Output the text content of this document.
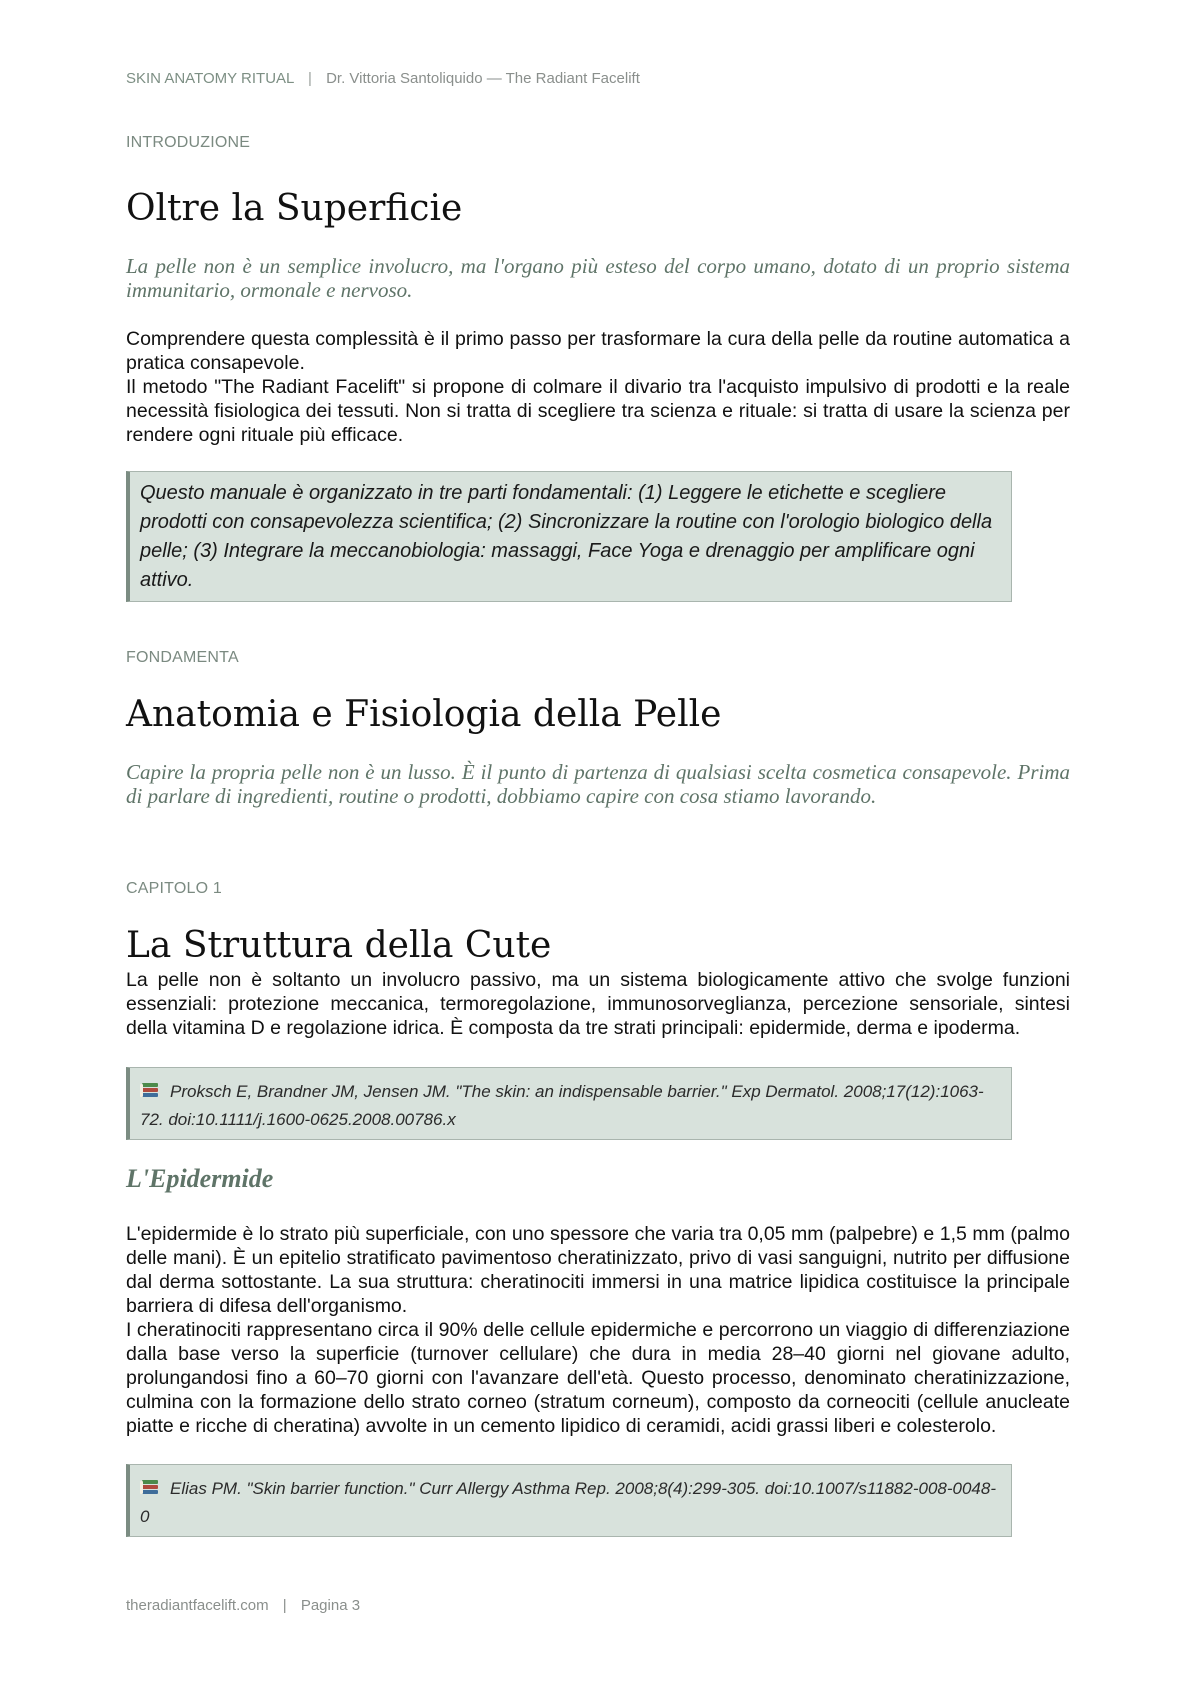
SKIN ANATOMY RITUAL | Dr. Vittoria Santoliquido — The Radiant Facelift
INTRODUZIONE
Oltre la Superficie

La pelle non è un semplice involucro, ma l'organo più esteso del corpo umano, dotato di un proprio sistema immunitario, ormonale e nervoso.

Comprendere questa complessità è il primo passo per trasformare la cura della pelle da routine automatica a pratica consapevole.

Il metodo "The Radiant Facelift" si propone di colmare il divario tra l'acquisto impulsivo di prodotti e la reale necessità fisiologica dei tessuti. Non si tratta di scegliere tra scienza e rituale: si tratta di usare la scienza per rendere ogni rituale più efficace.

Questo manuale è organizzato in tre parti fondamentali: (1) Leggere le etichette e scegliere prodotti con consapevolezza scientifica; (2) Sincronizzare la routine con l'orologio biologico della pelle; (3) Integrare la meccanobiologia: massaggi, Face Yoga e drenaggio per amplificare ogni attivo.
FONDAMENTA
Anatomia e Fisiologia della Pelle

Capire la propria pelle non è un lusso. È il punto di partenza di qualsiasi scelta cosmetica consapevole. Prima di parlare di ingredienti, routine o prodotti, dobbiamo capire con cosa stiamo lavorando.

CAPITOLO 1
La Struttura della Cute

La pelle non è soltanto un involucro passivo, ma un sistema biologicamente attivo che svolge funzioni essenziali: protezione meccanica, termoregolazione, immunosorveglianza, percezione sensoriale, sintesi della vitamina D e regolazione idrica. È composta da tre strati principali: epidermide, derma e ipoderma.

Proksch E, Brandner JM, Jensen JM. "The skin: an indispensable barrier." Exp Dermatol. 2008;17(12):1063-72. doi:10.1111/j.1600-0625.2008.00786.x
L'Epidermide

L'epidermide è lo strato più superficiale, con uno spessore che varia tra 0,05 mm (palpebre) e 1,5 mm (palmo delle mani). È un epitelio stratificato pavimentoso cheratinizzato, privo di vasi sanguigni, nutrito per diffusione dal derma sottostante. La sua struttura: cheratinociti immersi in una matrice lipidica costituisce la principale barriera di difesa dell'organismo.

I cheratinociti rappresentano circa il 90% delle cellule epidermiche e percorrono un viaggio di differenziazione dalla base verso la superficie (turnover cellulare) che dura in media 28–40 giorni nel giovane adulto, prolungandosi fino a 60–70 giorni con l'avanzare dell'età. Questo processo, denominato cheratinizzazione, culmina con la formazione dello strato corneo (stratum corneum), composto da corneociti (cellule anucleate piatte e ricche di cheratina) avvolte in un cemento lipidico di ceramidi, acidi grassi liberi e colesterolo.

Elias PM. "Skin barrier function." Curr Allergy Asthma Rep. 2008;8(4):299-305. doi:10.1007/s11882-008-0048-0
theradiantfacelift.com | Pagina 3
